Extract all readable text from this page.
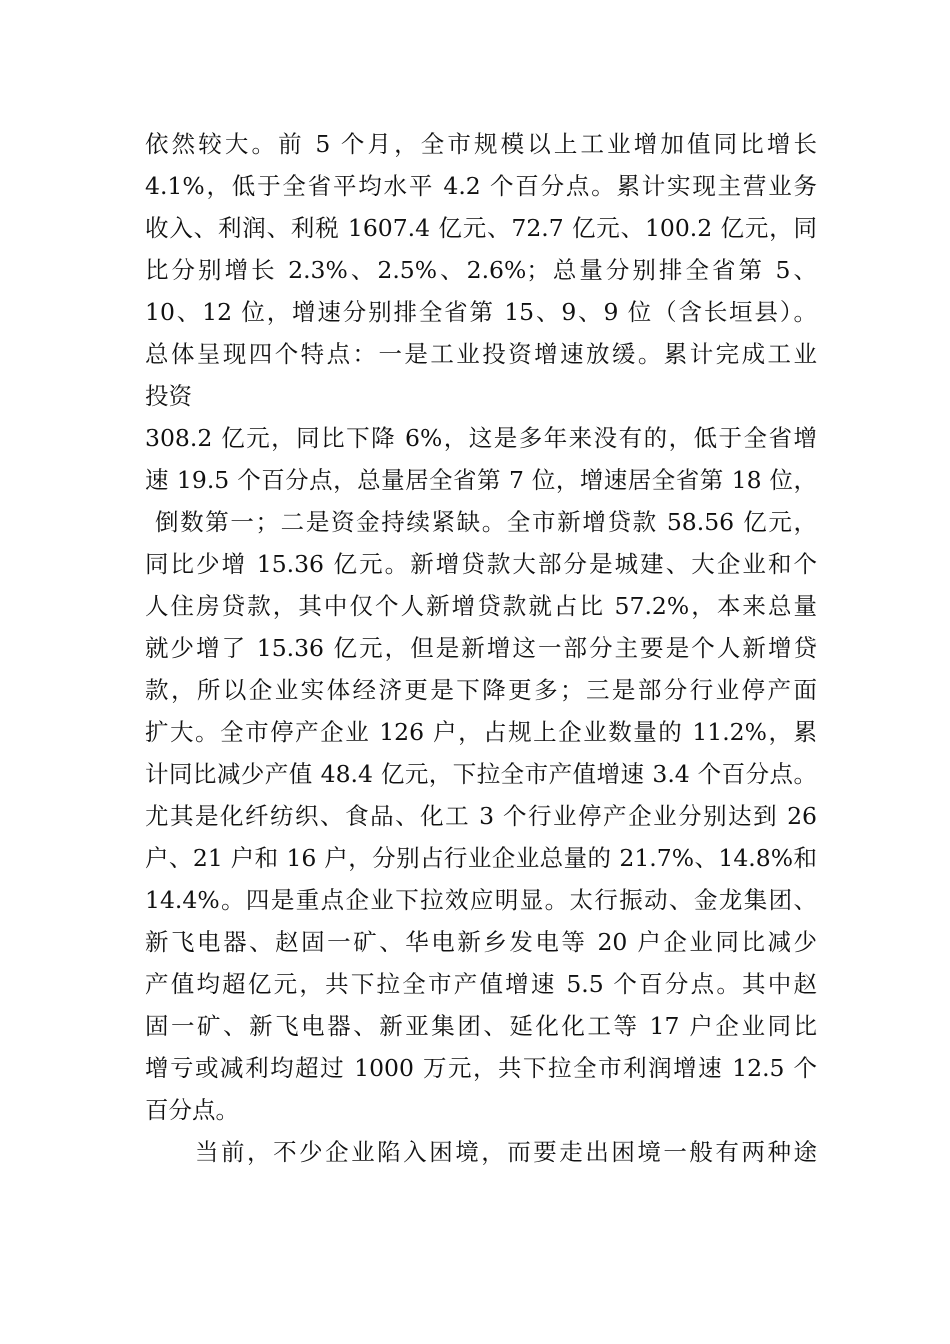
依然较大。前 5 个月，全市规模以上工业增加值同比增长
4.1%，低于全省平均水平 4.2 个百分点。累计实现主营业务
收入、利润、利税 1607.4 亿元、72.7 亿元、100.2 亿元，同
比分别增长 2.3%、2.5%、2.6%；总量分别排全省第 5、
10、12 位，增速分别排全省第 15、9、9 位（含长垣县）。
总体呈现四个特点：一是工业投资增速放缓。累计完成工业
投资
308.2 亿元，同比下降 6%，这是多年来没有的，低于全省增
速 19.5 个百分点，总量居全省第 7 位，增速居全省第 18 位，
倒数第一；二是资金持续紧缺。全市新增贷款 58.56 亿元，
同比少增 15.36 亿元。新增贷款大部分是城建、大企业和个
人住房贷款，其中仅个人新增贷款就占比 57.2%，本来总量
就少增了 15.36 亿元，但是新增这一部分主要是个人新增贷
款，所以企业实体经济更是下降更多；三是部分行业停产面
扩大。全市停产企业 126 户，占规上企业数量的 11.2%，累
计同比减少产值 48.4 亿元，下拉全市产值增速 3.4 个百分点。
尤其是化纤纺织、食品、化工 3 个行业停产企业分别达到 26
户、21 户和 16 户，分别占行业企业总量的 21.7%、14.8%和
14.4%。四是重点企业下拉效应明显。太行振动、金龙集团、
新飞电器、赵固一矿、华电新乡发电等 20 户企业同比减少
产值均超亿元，共下拉全市产值增速 5.5 个百分点。其中赵
固一矿、新飞电器、新亚集团、延化化工等 17 户企业同比
增亏或减利均超过 1000 万元，共下拉全市利润增速 12.5 个
百分点。
当前，不少企业陷入困境，而要走出困境一般有两种途
